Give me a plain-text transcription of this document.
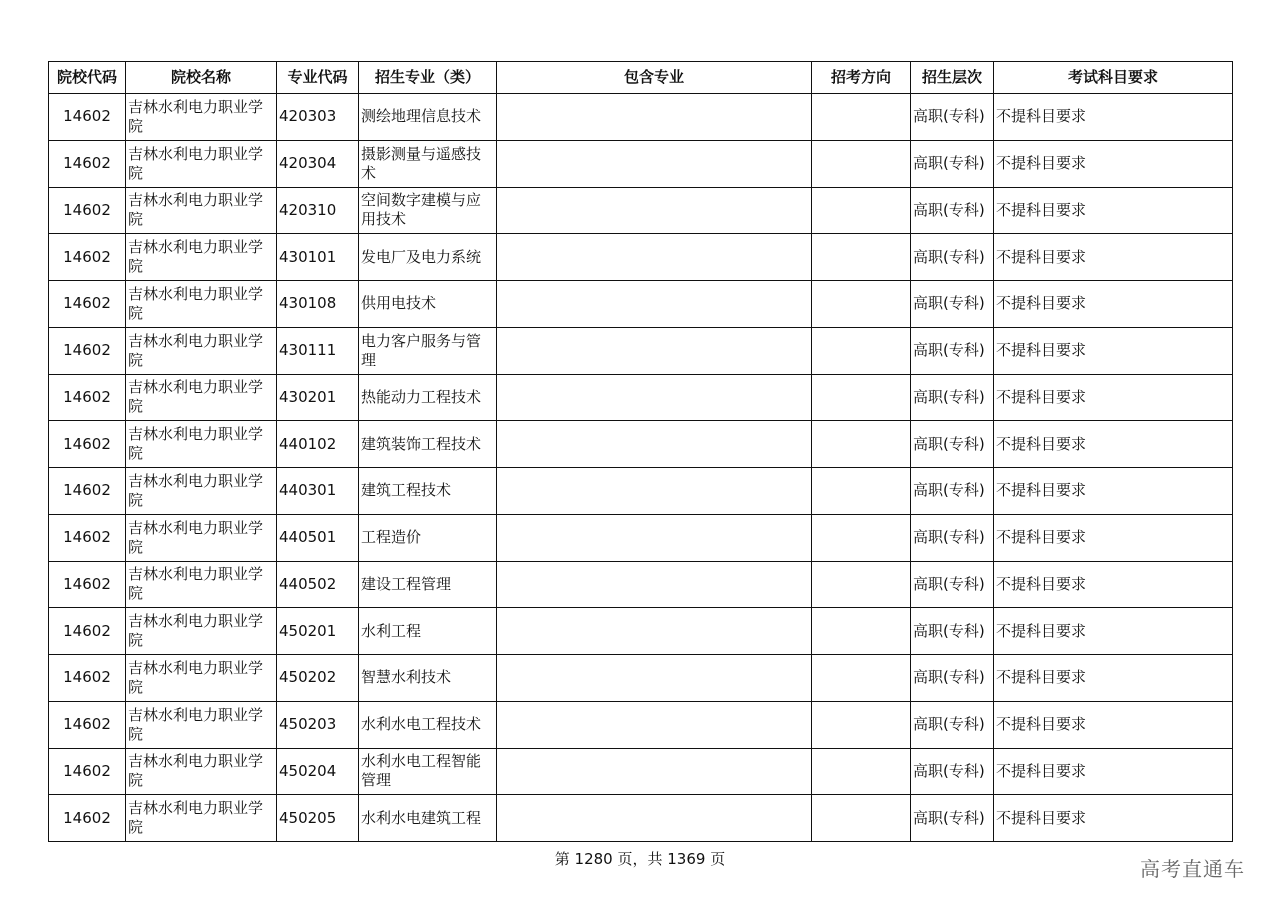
院校代码	院校名称	专业代码	招生专业（类）	包含专业	招考方向	招生层次	考试科目要求
14602	吉林水利电力职业学院	420303	测绘地理信息技术			高职(专科)	不提科目要求
14602	吉林水利电力职业学院	420304	摄影测量与遥感技术			高职(专科)	不提科目要求
14602	吉林水利电力职业学院	420310	空间数字建模与应用技术			高职(专科)	不提科目要求
14602	吉林水利电力职业学院	430101	发电厂及电力系统			高职(专科)	不提科目要求
14602	吉林水利电力职业学院	430108	供用电技术			高职(专科)	不提科目要求
14602	吉林水利电力职业学院	430111	电力客户服务与管理			高职(专科)	不提科目要求
14602	吉林水利电力职业学院	430201	热能动力工程技术			高职(专科)	不提科目要求
14602	吉林水利电力职业学院	440102	建筑装饰工程技术			高职(专科)	不提科目要求
14602	吉林水利电力职业学院	440301	建筑工程技术			高职(专科)	不提科目要求
14602	吉林水利电力职业学院	440501	工程造价			高职(专科)	不提科目要求
14602	吉林水利电力职业学院	440502	建设工程管理			高职(专科)	不提科目要求
14602	吉林水利电力职业学院	450201	水利工程			高职(专科)	不提科目要求
14602	吉林水利电力职业学院	450202	智慧水利技术			高职(专科)	不提科目要求
14602	吉林水利电力职业学院	450203	水利水电工程技术			高职(专科)	不提科目要求
14602	吉林水利电力职业学院	450204	水利水电工程智能管理			高职(专科)	不提科目要求
14602	吉林水利电力职业学院	450205	水利水电建筑工程			高职(专科)	不提科目要求
第 1280 页，共 1369 页	高考直通车
